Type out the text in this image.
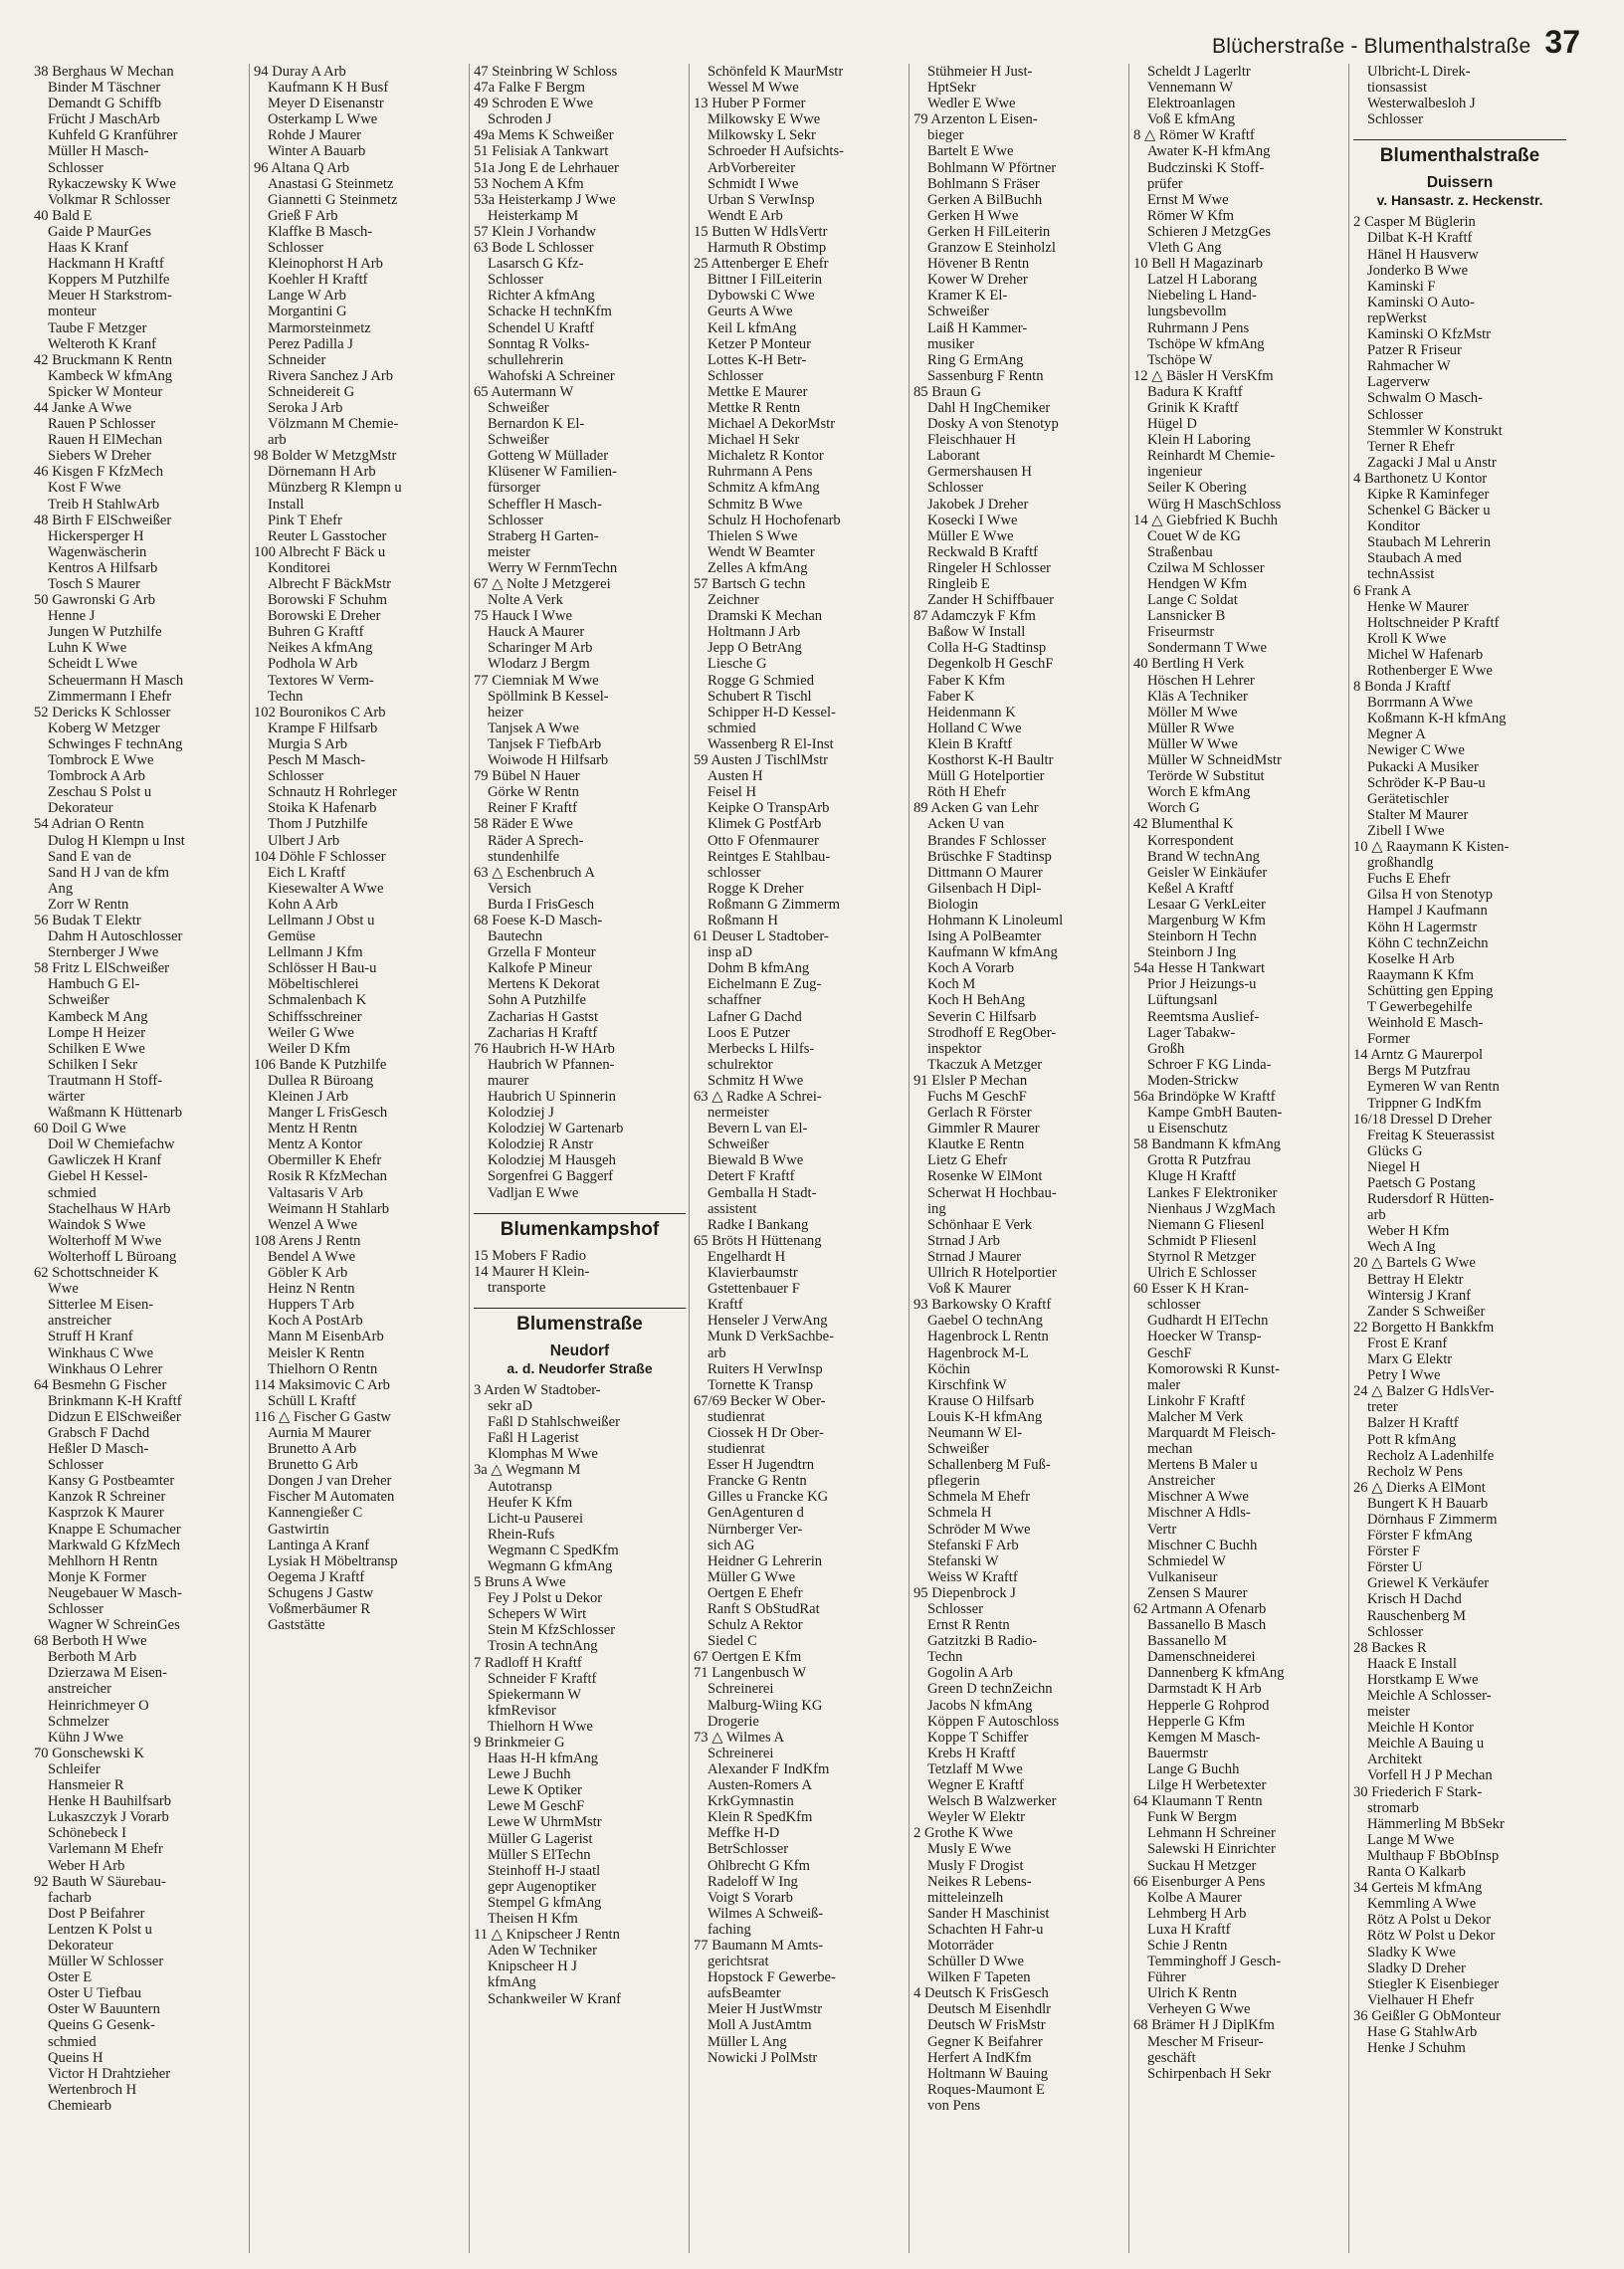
Blücherstraße - Blumenthalstraße 37
38 Berghaus W Mechan
Binder M Täschner
Demandt G Schiffb
Frücht J MaschArb
Kuhfeld G Kranführer
Müller H Masch-
Schlosser
Rykaczewsky K Wwe
Volkmar R Schlosser
40 Bald E
Gaide P MaurGes
Haas K Kranf
Hackmann H Kraftf
Koppers M Putzhilfe
Meuer H Starkstrom-
monteur
Taube F Metzger
Welteroth K Kranf
42 Bruckmann K Rentn
Kambeck W kfmAng
Spicker W Monteur
44 Janke A Wwe
Rauen P Schlosser
Rauen H ElMechan
Siebers W Dreher
46 Kisgen F KfzMech
Kost F Wwe
Treib H StahlwArb
48 Birth F ElSchweißer
Hickersperger H
Wagenwäscherin
Kentros A Hilfsarb
Tosch S Maurer
50 Gawronski G Arb
Henne J
Jungen W Putzhilfe
Luhn K Wwe
Scheidt L Wwe
Scheuermann H Masch
Zimmermann I Ehefr
52 Dericks K Schlosser
Koberg W Metzger
Schwinges F technAng
Tombrock E Wwe
Tombrock A Arb
Zeschau S Polst u
Dekorateur
54 Adrian O Rentn
Dulog H Klempn u Inst
Sand E van de
Sand H J van de kfm
Ang
Zorr W Rentn
56 Budak T Elektr
Dahm H Autoschlosser
Sternberger J Wwe
58 Fritz L ElSchweißer
Hambuch G El-
Schweißer
Kambeck M Ang
Lompe H Heizer
Schilken E Wwe
Schilken I Sekr
Trautmann H Stoff-
wärter
Waßmann K Hüttenarb
60 Doil G Wwe
Doil W Chemiefachw
Gawliczek H Kranf
Giebel H Kessel-
schmied
Stachelhaus W HArb
Waindok S Wwe
Wolterhoff M Wwe
Wolterhoff L Büroang
62 Schottschneider K
Wwe
Sitterlee M Eisen-
anstreicher
Struff H Kranf
Winkhaus C Wwe
Winkhaus O Lehrer
64 Besmehn G Fischer
Brinkmann K-H Kraftf
Didzun E ElSchweißer
Grabsch F Dachd
Heßler D Masch-
Schlosser
Kansy G Postbeamter
Kanzok R Schreiner
Kasprzok K Maurer
Knappe E Schumacher
Markwald G KfzMech
Mehlhorn H Rentn
Monje K Former
Neugebauer W Masch-
Schlosser
Wagner W SchreinGes
68 Berboth H Wwe
Berboth M Arb
Dzierzawa M Eisen-
anstreicher
Heinrichmeyer O
Schmelzer
Kühn J Wwe
70 Gonschewski K
Schleifer
Hansmeier R
Henke H Bauhilfsarb
Lukaszczyk J Vorarb
Schönebeck I
Varlemann M Ehefr
Weber H Arb
92 Bauth W Säurebau-
facharb
Dost P Beifahrer
Lentzen K Polst u
Dekorateur
Müller W Schlosser
Oster E
Oster U Tiefbau
Oster W Bauuntern
Queins G Gesenk-
schmied
Queins H
Victor H Drahtzieher
Wertenbroch H
Chemiearb
94 Duray A Arb
Kaufmann K H Busf
Meyer D Eisenanstr
Osterkamp L Wwe
Rohde J Maurer
Winter A Bauarb
96 Altana Q Arb
Anastasi G Steinmetz
Giannetti G Steinmetz
Grieß F Arb
Klaffke B Masch-
Schlosser
Kleinophorst H Arb
Koehler H Kraftf
Lange W Arb
Morgantini G
Marmorsteinmetz
Perez Padilla J
Schneider
Rivera Sanchez J Arb
Schneidereit G
Seroka J Arb
Völzmann M Chemie-
arb
98 Bolder W MetzgMstr
Dörnemann H Arb
Münzberg R Klempn u
Install
Pink T Ehefr
Reuter L Gasstocher
100 Albrecht F Bäck u
Konditorei
Albrecht F BäckMstr
Borowski F Schuhm
Borowski E Dreher
Buhren G Kraftf
Neikes A kfmAng
Podhola W Arb
Textores W Verm-
Techn
102 Bouronikos C Arb
Krampe F Hilfsarb
Murgia S Arb
Pesch M Masch-
Schlosser
Schnautz H Rohrleger
Stoika K Hafenarb
Thom J Putzhilfe
Ulbert J Arb
104 Döhle F Schlosser
Eich L Kraftf
Kiesewalter A Wwe
Kohn A Arb
Lellmann J Obst u
Gemüse
Lellmann J Kfm
Schlösser H Bau-u
Möbeltischlerei
Schmalenbach K
Schiffsschreiner
Weiler G Wwe
Weiler D Kfm
106 Bande K Putzhilfe
Dullea R Büroang
Kleinen J Arb
Manger L FrisGesch
Mentz H Rentn
Mentz A Kontor
Obermiller K Ehefr
Rosik R KfzMechan
Valtasaris V Arb
Weimann H Stahlarb
Wenzel A Wwe
108 Arens J Rentn
Bendel A Wwe
Göbler K Arb
Heinz N Rentn
Huppers T Arb
Koch A PostArb
Mann M EisenbArb
Meisler K Rentn
Thielhorn O Rentn
114 Maksimovic C Arb
Schüll L Kraftf
116 △ Fischer G Gastw
Aurnia M Maurer
Brunetto A Arb
Brunetto G Arb
Dongen J van Dreher
Fischer M Automaten
Kannengießer C
Gastwirtin
Lantinga A Kranf
Lysiak H Möbeltransp
Oegema J Kraftf
Schugens J Gastw
Voßmerbäumer R
Gaststätte
47 Steinbring W Schloss
47a Falke F Bergm
49 Schroden E Wwe
Schroden J
49a Mems K Schweißer
51 Felisiak A Tankwart
51a Jong E de Lehrhauer
53 Nochem A Kfm
53a Heisterkamp J Wwe
Heisterkamp M
57 Klein J Vorhandw
63 Bode L Schlosser
Lasarsch G Kfz-
Schlosser
Richter A kfmAng
Schacke H technKfm
Schendel U Kraftf
Sonntag R Volks-
schullehrerin
Wahofski A Schreiner
65 Autermann W
Schweißer
Bernardon K El-
Schweißer
Gotteng W Müllader
Klüsener W Familien-
fürsorger
Scheffler H Masch-
Schlosser
Straberg H Garten-
meister
Werry W FernmTechn
67 △ Nolte J Metzgerei
Nolte A Verk
75 Hauck I Wwe
Hauck A Maurer
Scharinger M Arb
Wlodarz J Bergm
77 Ciemniak M Wwe
Spöllmink B Kessel-
heizer
Tanjsek A Wwe
Tanjsek F TiefbArb
Woiwode H Hilfsarb
79 Bübel N Hauer
Görke W Rentn
Reiner F Kraftf
58 Räder E Wwe
Räder A Sprech-
stundenhilfe
63 △ Eschenbruch A
Versich
Burda I FrisGesch
68 Foese K-D Masch-
Bautechn
Grzella F Monteur
Kalkofe P Mineur
Mertens K Dekorat
Sohn A Putzhilfe
Zacharias H Gastst
Zacharias H Kraftf
76 Haubrich H-W HArb
Haubrich W Pfannen-
maurer
Haubrich U Spinnerin
Kolodziej J
Kolodziej W Gartenarb
Kolodziej R Anstr
Kolodziej M Hausgeh
Sorgenfrei G Baggerf
Vadljan E Wwe
Blumenkampshof
15 Mobers F Radio
14 Maurer H Klein-
transporte
Blumenstraße
Neudorf
a. d. Neudorfer Straße
3 Arden W Stadtober-
sekr aD
Faßl D Stahlschweißer
Faßl H Lagerist
Klomphas M Wwe
3a △ Wegmann M
Autotransp
Heufer K Kfm
Licht-u Pauserei
Rhein-Rufs
Wegmann C SpedKfm
Wegmann G kfmAng
5 Bruns A Wwe
Fey J Polst u Dekor
Schepers W Wirt
Stein M KfzSchlosser
Trosin A technAng
7 Radloff H Kraftf
Schneider F Kraftf
Spiekermann W
kfmRevisor
Thielhorn H Wwe
9 Brinkmeier G
Haas H-H kfmAng
Lewe J Buchh
Lewe K Optiker
Lewe M GeschF
Lewe W UhrmMstr
Müller G Lagerist
Müller S ElTechn
Steinhoff H-J staatl
gepr Augenoptiker
Stempel G kfmAng
Theisen H Kfm
11 △ Knipscheer J Rentn
Aden W Techniker
Knipscheer H J
kfmAng
Schankweiler W Kranf
Schönfeld K MaurMstr
Wessel M Wwe
13 Huber P Former
Milkowsky E Wwe
Milkowsky L Sekr
Schroeder H Aufsichts-
ArbVorbereiter
Schmidt I Wwe
Urban S VerwInsp
Wendt E Arb
15 Butten W HdlsVertr
Harmuth R Obstimp
25 Attenberger E Ehefr
Bittner I FilLeiterin
Dybowski C Wwe
Geurts A Wwe
Keil L kfmAng
Ketzer P Monteur
Lottes K-H Betr-
Schlosser
Mettke E Maurer
Mettke R Rentn
Michael A DekorMstr
Michael H Sekr
Michaletz R Kontor
Ruhrmann A Pens
Schmitz A kfmAng
Schmitz B Wwe
Schulz H Hochofenarb
Thielen S Wwe
Wendt W Beamter
Zelles A kfmAng
57 Bartsch G techn
Zeichner
Dramski K Mechan
Holtmann J Arb
Jepp O BetrAng
Liesche G
Rogge G Schmied
Schubert R Tischl
Schipper H-D Kessel-
schmied
Wassenberg R El-Inst
59 Austen J TischlMstr
Austen H
Feisel H
Keipke O TranspArb
Klimek G PostfArb
Otto F Ofenmaurer
Reintges E Stahlbau-
schlosser
Rogge K Dreher
Roßmann G Zimmerm
Roßmann H
61 Deuser L Stadtober-
insp aD
Dohm B kfmAng
Eichelmann E Zug-
schaffner
Lafner G Dachd
Loos E Putzer
Merbecks L Hilfs-
schulrektor
Schmitz H Wwe
63 △ Radke A Schrei-
nermeister
Bevern L van El-
Schweißer
Biewald B Wwe
Detert F Kraftf
Gemballa H Stadt-
assistent
Radke I Bankang
65 Bröts H Hüttenang
Engelhardt H
Klavierbaumstr
Gstettenbauer F
Kraftf
Henseler J VerwAng
Munk D VerkSachbe-
arb
Ruiters H VerwInsp
Tornette K Transp
67/69 Becker W Ober-
studienrat
Ciossek H Dr Ober-
studienrat
Esser H Jugendtrn
Francke G Rentn
Gilles u Francke KG
GenAgenturen d
Nürnberger Ver-
sich AG
Heidner G Lehrerin
Müller G Wwe
Oertgen E Ehefr
Ranft S ObStudRat
Schulz A Rektor
Siedel C
67 Oertgen E Kfm
71 Langenbusch W
Schreinerei
Malburg-Wiing KG
Drogerie
73 △ Wilmes A
Schreinerei
Alexander F IndKfm
Austen-Romers A
KrkGymnastin
Klein R SpedKfm
Meffke H-D
BetrSchlosser
Ohlbrecht G Kfm
Radeloff W Ing
Voigt S Vorarb
Wilmes A Schweiß-
faching
77 Baumann M Amts-
gerichtsrat
Hopstock F Gewerbe-
aufsBeamter
Meier H JustWmstr
Moll A JustAmtm
Müller L Ang
Nowicki J PolMstr
Stühmeier H Just-
HptSekr
Wedler E Wwe
79 Arzenton L Eisen-
bieger
Bartelt E Wwe
Bohlmann W Pförtner
Bohlmann S Fräser
Gerken A BilBuchh
Gerken H Wwe
Gerken H FilLeiterin
Granzow E Steinholzl
Hövener B Rentn
Kower W Dreher
Kramer K El-
Schweißer
Laiß H Kammer-
musiker
Ring G ErmAng
Sassenburg F Rentn
85 Braun G
Dahl H IngChemiker
Dosky A von Stenotyp
Fleischhauer H
Laborant
Germershausen H
Schlosser
Jakobek J Dreher
Kosecki I Wwe
Müller E Wwe
Reckwald B Kraftf
Ringeler H Schlosser
Ringleib E
Zander H Schiffbauer
87 Adamczyk F Kfm
Baßow W Install
Colla H-G Stadtinsp
Degenkolb H GeschF
Faber K Kfm
Faber K
Heidenmann K
Holland C Wwe
Klein B Kraftf
Kosthorst K-H Baultr
Müll G Hotelportier
Röth H Ehefr
89 Acken G van Lehr
Acken U van
Brandes F Schlosser
Brüschke F Stadtinsp
Dittmann O Maurer
Gilsenbach H Dipl-
Biologin
Hohmann K Linoleuml
Ising A PolBeamter
Kaufmann W kfmAng
Koch A Vorarb
Koch M
Koch H BehAng
Severin C Hilfsarb
Strodhoff E RegOber-
inspektor
Tkaczuk A Metzger
91 Elsler P Mechan
Fuchs M GeschF
Gerlach R Förster
Gimmler R Maurer
Klautke E Rentn
Lietz G Ehefr
Rosenke W ElMont
Scherwat H Hochbau-
ing
Schönhaar E Verk
Strnad J Arb
Strnad J Maurer
Ullrich R Hotelportier
Voß K Maurer
93 Barkowsky O Kraftf
Gaebel O technAng
Hagenbrock L Rentn
Hagenbrock M-L
Köchin
Kirschfink W
Krause O Hilfsarb
Louis K-H kfmAng
Neumann W El-
Schweißer
Schallenberg M Fuß-
pflegerin
Schmela M Ehefr
Schmela H
Schröder M Wwe
Stefanski F Arb
Stefanski W
Weiss W Kraftf
95 Diepenbrock J
Schlosser
Ernst R Rentn
Gatzitzki B Radio-
Techn
Gogolin A Arb
Green D technZeichn
Jacobs N kfmAng
Köppen F Autoschloss
Koppe T Schiffer
Krebs H Kraftf
Tetzlaff M Wwe
Wegner E Kraftf
Welsch B Walzwerker
Weyler W Elektr
2 Grothe K Wwe
Musly E Wwe
Musly F Drogist
Neikes R Lebens-
mitteleinzelh
Sander H Maschinist
Schachten H Fahr-u
Motorräder
Schüller D Wwe
Wilken F Tapeten
4 Deutsch K FrisGesch
Deutsch M Eisenhdlr
Deutsch W FrisMstr
Gegner K Beifahrer
Herfert A IndKfm
Holtmann W Bauing
Roques-Maumont E
von Pens
Scheldt J Lagerltr
Vennemann W
Elektroanlagen
Voß E kfmAng
8 △ Römer W Kraftf
Awater K-H kfmAng
Budczinski K Stoff-
prüfer
Ernst M Wwe
Römer W Kfm
Schieren J MetzgGes
Vleth G Ang
10 Bell H Magazinarb
Latzel H Laborang
Niebeling L Hand-
lungsbevollm
Ruhrmann J Pens
Tschöpe W kfmAng
Tschöpe W
12 △ Bäsler H VersKfm
Badura K Kraftf
Grinik K Kraftf
Hügel D
Klein H Laboring
Reinhardt M Chemie-
ingenieur
Seiler K Obering
Würg H MaschSchloss
14 △ Giebfried K Buchh
Couet W de KG
Straßenbau
Czilwa M Schlosser
Hendgen W Kfm
Lange C Soldat
Lansnicker B
Friseurmstr
Sondermann T Wwe
40 Bertling H Verk
Höschen H Lehrer
Kläs A Techniker
Möller M Wwe
Müller R Wwe
Müller W Wwe
Müller W SchneidMstr
Terörde W Substitut
Worch E kfmAng
Worch G
42 Blumenthal K
Korrespondent
Brand W technAng
Geisler W Einkäufer
Keßel A Kraftf
Lesaar G VerkLeiter
Margenburg W Kfm
Steinborn H Techn
Steinborn J Ing
54a Hesse H Tankwart
Prior J Heizungs-u
Lüftungsanl
Reemtsma Auslief-
Lager Tabakw-
Großh
Schroer F KG Linda-
Moden-Strickw
56a Brindöpke W Kraftf
Kampe GmbH Bauten-
u Eisenschutz
58 Bandmann K kfmAng
Grotta R Putzfrau
Kluge H Kraftf
Lankes F Elektroniker
Nienhaus J WzgMach
Niemann G Fliesenl
Schmidt P Fliesenl
Styrnol R Metzger
Ulrich E Schlosser
60 Esser K H Kran-
schlosser
Gudhardt H ElTechn
Hoecker W Transp-
GeschF
Komorowski R Kunst-
maler
Linkohr F Kraftf
Malcher M Verk
Marquardt M Fleisch-
mechan
Mertens B Maler u
Anstreicher
Mischner A Wwe
Mischner A Hdls-
Vertr
Mischner C Buchh
Schmiedel W
Vulkaniseur
Zensen S Maurer
62 Artmann A Ofenarb
Bassanello B Masch
Bassanello M
Damenschneiderei
Dannenberg K kfmAng
Darmstadt K H Arb
Hepperle G Rohprod
Hepperle G Kfm
Kemgen M Masch-
Bauermstr
Lange G Buchh
Lilge H Werbetexter
64 Klaumann T Rentn
Funk W Bergm
Lehmann H Schreiner
Salewski H Einrichter
Suckau H Metzger
66 Eisenburger A Pens
Kolbe A Maurer
Lehmberg H Arb
Luxa H Kraftf
Schie J Rentn
Temminghoff J Gesch-
Führer
Ulrich K Rentn
Verheyen G Wwe
68 Brämer H J DiplKfm
Mescher M Friseur-
geschäft
Schirpenbach H Sekr
Ulbricht-L Direk-
tionsassist
Westerwalbesloh J
Schlosser
Blumenthalstraße
Duissern
v. Hansastr. z. Heckenstr.
2 Casper M Büglerin
Dilbat K-H Kraftf
Hänel H Hausverw
Jonderko B Wwe
Kaminski F
Kaminski O Auto-
repWerkst
Kaminski O KfzMstr
Patzer R Friseur
Rahmacher W
Lagerverw
Schwalm O Masch-
Schlosser
Stemmler W Konstrukt
Terner R Ehefr
Zagacki J Mal u Anstr
4 Barthonetz U Kontor
Kipke R Kaminfeger
Schenkel G Bäcker u
Konditor
Staubach M Lehrerin
Staubach A med
technAssist
6 Frank A
Henke W Maurer
Holtschneider P Kraftf
Kroll K Wwe
Michel W Hafenarb
Rothenberger E Wwe
8 Bonda J Kraftf
Borrmann A Wwe
Koßmann K-H kfmAng
Megner A
Newiger C Wwe
Pukacki A Musiker
Schröder K-P Bau-u
Gerätetischler
Stalter M Maurer
Zibell I Wwe
10 △ Raaymann K Kisten-
großhandlg
Fuchs E Ehefr
Gilsa H von Stenotyp
Hampel J Kaufmann
Köhn H Lagermstr
Köhn C technZeichn
Koselke H Arb
Raaymann K Kfm
Schütting gen Epping
T Gewerbegehilfe
Weinhold E Masch-
Former
14 Arntz G Maurerpol
Bergs M Putzfrau
Eymeren W van Rentn
Trippner G IndKfm
16/18 Dressel D Dreher
Freitag K Steuerassist
Glücks G
Niegel H
Paetsch G Postang
Rudersdorf R Hütten-
arb
Weber H Kfm
Wech A Ing
20 △ Bartels G Wwe
Bettray H Elektr
Wintersig J Kranf
Zander S Schweißer
22 Borgetto H Bankkfm
Frost E Kranf
Marx G Elektr
Petry I Wwe
24 △ Balzer G HdlsVer-
treter
Balzer H Kraftf
Pott R kfmAng
Recholz A Ladenhilfe
Recholz W Pens
26 △ Dierks A ElMont
Bungert K H Bauarb
Dörnhaus F Zimmerm
Förster F kfmAng
Förster F
Förster U
Griewel K Verkäufer
Krisch H Dachd
Rauschenberg M
Schlosser
28 Backes R
Haack E Install
Horstkamp E Wwe
Meichle A Schlosser-
meister
Meichle H Kontor
Meichle A Bauing u
Architekt
Vorfell H J P Mechan
30 Friederich F Stark-
stromarb
Hämmerling M BbSekr
Lange M Wwe
Multhaup F BbObInsp
Ranta O Kalkarb
34 Gerteis M kfmAng
Kemmling A Wwe
Rötz A Polst u Dekor
Rötz W Polst u Dekor
Sladky K Wwe
Sladky D Dreher
Stiegler K Eisenbieger
Vielhauer H Ehefr
36 Geißler G ObMonteur
Hase G StahlwArb
Henke J Schuhm
